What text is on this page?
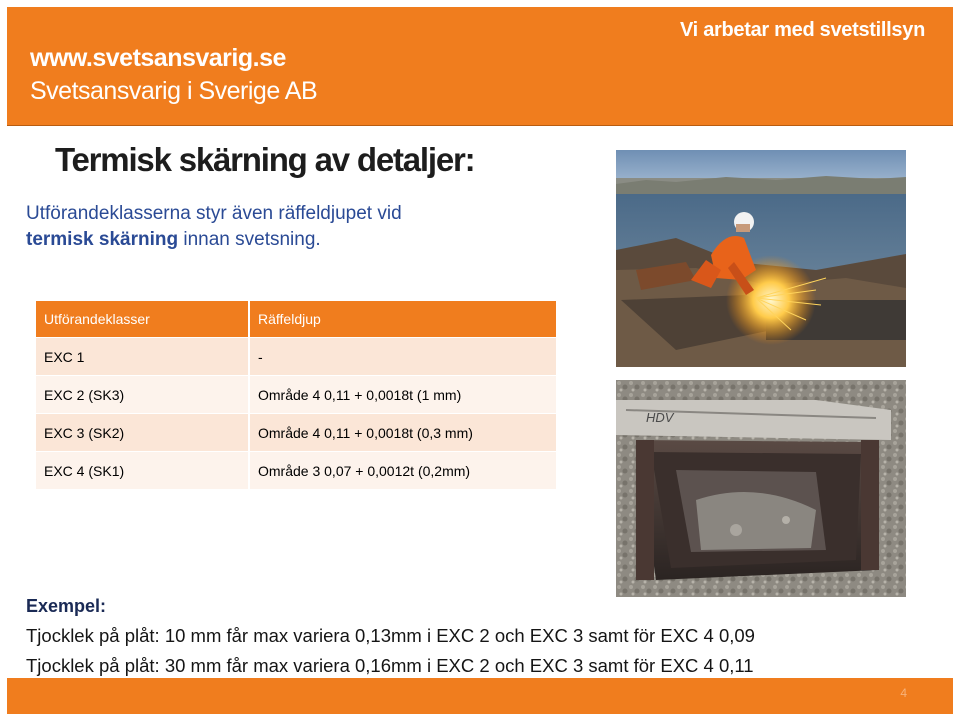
www.svetsansvarig.se
Svetsansvarig i Sverige AB
Vi arbetar med svetstillsyn
Termisk skärning av detaljer:
Utförandeklasserna styr även räffeldjupet vid
termisk skärning innan svetsning.
Utförandeklasser	Räffeldjup
EXC 1	-
EXC 2 (SK3)	Område 4 0,11 + 0,0018t (1 mm)
EXC 3 (SK2)	Område 4 0,11 + 0,0018t (0,3 mm)
EXC 4 (SK1)	Område 3 0,07 + 0,0012t (0,2mm)
HDV
Exempel:
Tjocklek på plåt: 10 mm får max variera 0,13mm i EXC 2 och EXC 3 samt för EXC 4 0,09
Tjocklek på plåt: 30 mm får max variera 0,16mm i EXC 2 och EXC 3 samt för EXC 4 0,11
4
